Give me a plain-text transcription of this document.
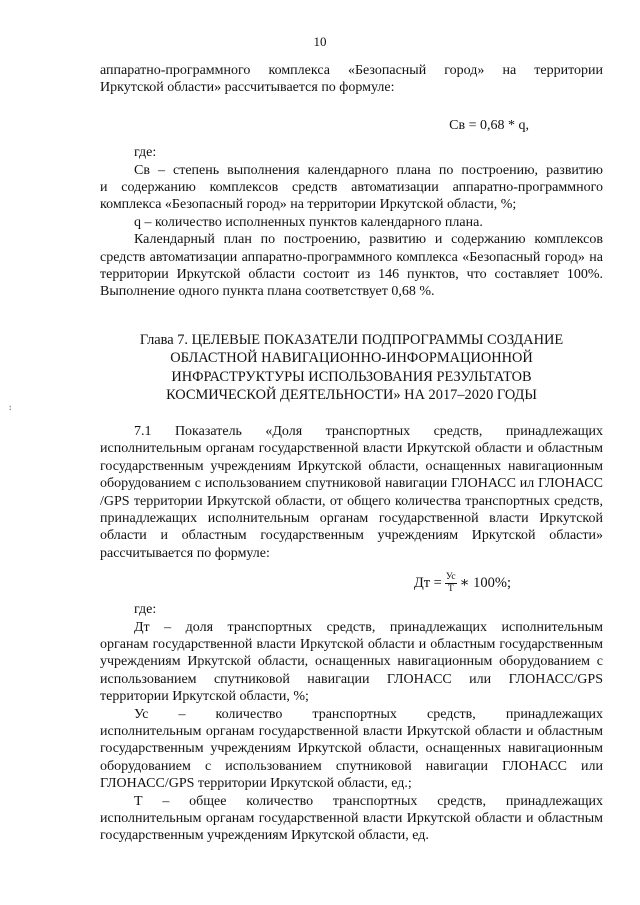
10
↕

аппаратно-программного комплекса «Безопасный город» на территории

Иркутской области» рассчитывается по формуле:

Св = 0,68 * q,

где:

Св – степень выполнения календарного плана по построению, развитию

и содержанию комплексов средств автоматизации аппаратно-программного комплекса «Безопасный город» на территории Иркутской области, %;

q – количество исполненных пунктов календарного плана.

Календарный план по построению, развитию и содержанию комплексов

средств автоматизации аппаратно-программного комплекса «Безопасный город» на территории Иркутской области состоит из 146 пунктов, что составляет 100%. Выполнение одного пункта плана соответствует 0,68 %.

Глава 7. ЦЕЛЕВЫЕ ПОКАЗАТЕЛИ ПОДПРОГРАММЫ СОЗДАНИЕ
ОБЛАСТНОЙ НАВИГАЦИОННО-ИНФОРМАЦИОННОЙ
ИНФРАСТРУКТУРЫ ИСПОЛЬЗОВАНИЯ РЕЗУЛЬТАТОВ
КОСМИЧЕСКОЙ ДЕЯТЕЛЬНОСТИ» НА 2017–2020 ГОДЫ

7.1 Показатель «Доля транспортных средств, принадлежащих

исполнительным органам государственной власти Иркутской области и областным государственным учреждениям Иркутской области, оснащенных навигационным оборудованием с использованием спутниковой навигации ГЛОНАСС ил ГЛОНАСС /GPS территории Иркутской области, от общего количества транспортных средств, принадлежащих исполнительным органам государственной власти Иркутской области и областным государственным учреждениям Иркутской области» рассчитывается по формуле:

Дт = $\frac{Ус}{Т}$ ∗ 100%;

где:

Дт – доля транспортных средств, принадлежащих исполнительным

органам государственной власти Иркутской области и областным государственным учреждениям Иркутской области, оснащенных навигационным оборудованием с использованием спутниковой навигации ГЛОНАСС или ГЛОНАСС/GPS территории Иркутской области, %;

Ус – количество транспортных средств, принадлежащих

исполнительным органам государственной власти Иркутской области и областным государственным учреждениям Иркутской области, оснащенных навигационным оборудованием с использованием спутниковой навигации ГЛОНАСС или ГЛОНАСС/GPS территории Иркутской области, ед.;

Т – общее количество транспортных средств, принадлежащих

исполнительным органам государственной власти Иркутской области и областным государственным учреждениям Иркутской области, ед.
